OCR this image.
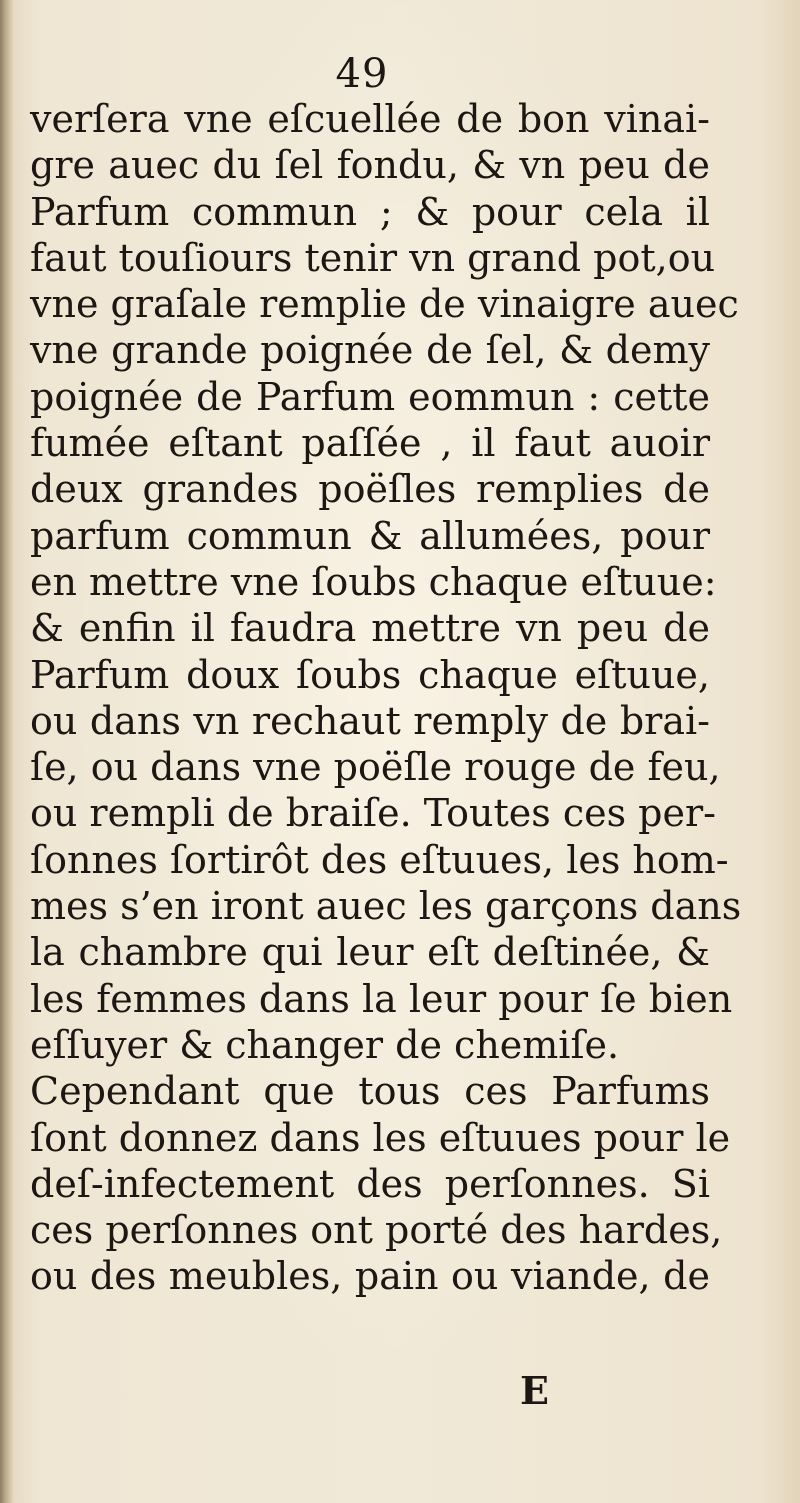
49
verſera vne eſcuellée de bon vinai-
gre auec du ſel fondu, & vn peu de
Parfum commun ; & pour cela il
faut touſiours tenir vn grand pot,ou
vne graſale remplie de vinaigre auec
vne grande poignée de ſel, & demy
poignée de Parfum eommun : cette
fumée eſtant paſſée , il faut auoir
deux grandes poëſles remplies de
parfum commun & allumées, pour
en mettre vne ſoubs chaque eſtuue:
& enfin il faudra mettre vn peu de
Parfum doux ſoubs chaque eſtuue,
ou dans vn rechaut remply de brai-
ſe, ou dans vne poëſle rouge de feu,
ou rempli de braiſe. Toutes ces per-
ſonnes ſortirôt des eſtuues, les hom-
mes s’en iront auec les garçons dans
la chambre qui leur eſt deſtinée, &
les femmes dans la leur pour ſe bien
eſſuyer & changer de chemiſe.
Cependant que tous ces Parfums
ſont donnez dans les eſtuues pour le
deſ-infectement des perſonnes. Si
ces perſonnes ont porté des hardes,
ou des meubles, pain ou viande, de
E
